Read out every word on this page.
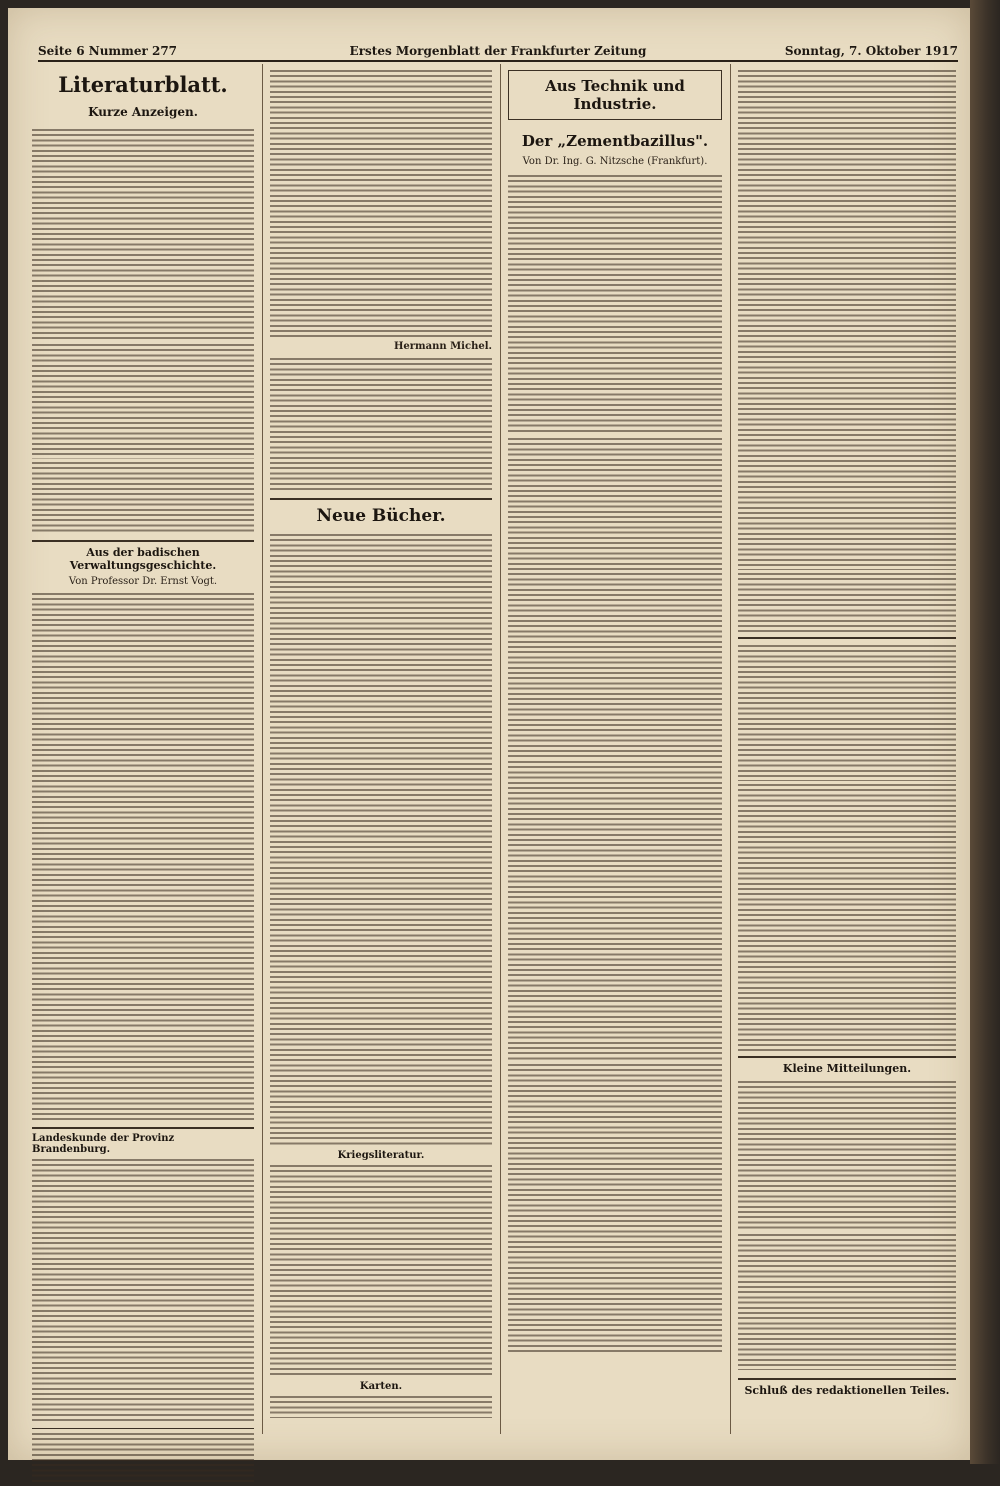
Seite 6 Nummer 277	Erstes Morgenblatt der Frankfurter Zeitung	Sonntag, 7. Oktober 1917
Literaturblatt.
Kurze Anzeigen.
Aus der badischen Verwaltungsgeschichte.
Von Professor Dr. Ernst Vogt.
Landeskunde der Provinz Brandenburg.
Hermann Michel.
Neue Bücher.
Kriegsliteratur.
Karten.
Aus Technik und Industrie.
Der „Zementbazillus".
Von Dr. Ing. G. Nitzsche (Frankfurt).
Kleine Mitteilungen.
Schluß des redaktionellen Teiles.
